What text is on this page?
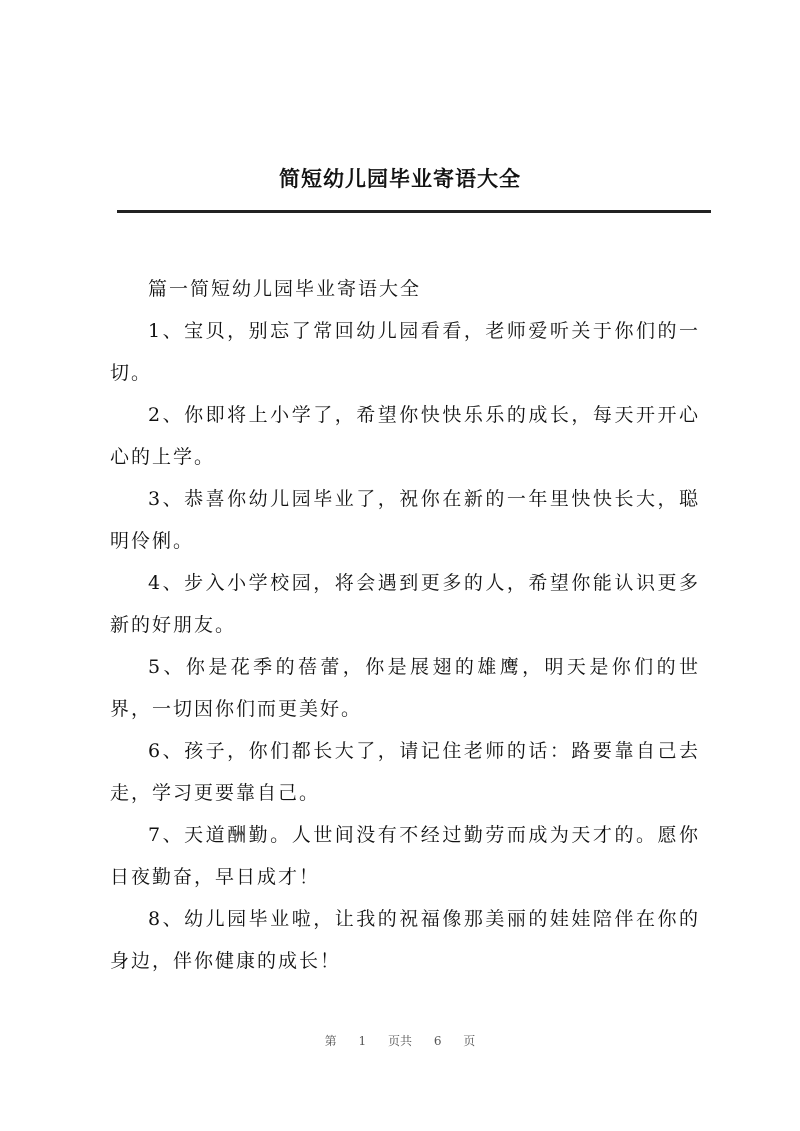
简短幼儿园毕业寄语大全

篇一简短幼儿园毕业寄语大全

1、宝贝，别忘了常回幼儿园看看，老师爱听关于你们的一切。

2、你即将上小学了，希望你快快乐乐的成长，每天开开心心的上学。

3、恭喜你幼儿园毕业了，祝你在新的一年里快快长大，聪明伶俐。

4、步入小学校园，将会遇到更多的人，希望你能认识更多新的好朋友。

5、你是花季的蓓蕾，你是展翅的雄鹰，明天是你们的世界，一切因你们而更美好。

6、孩子，你们都长大了，请记住老师的话：路要靠自己去走，学习更要靠自己。

7、天道酬勤。人世间没有不经过勤劳而成为天才的。愿你日夜勤奋，早日成才！

8、幼儿园毕业啦，让我的祝福像那美丽的娃娃陪伴在你的身边，伴你健康的成长！

第 1 页共 6 页
